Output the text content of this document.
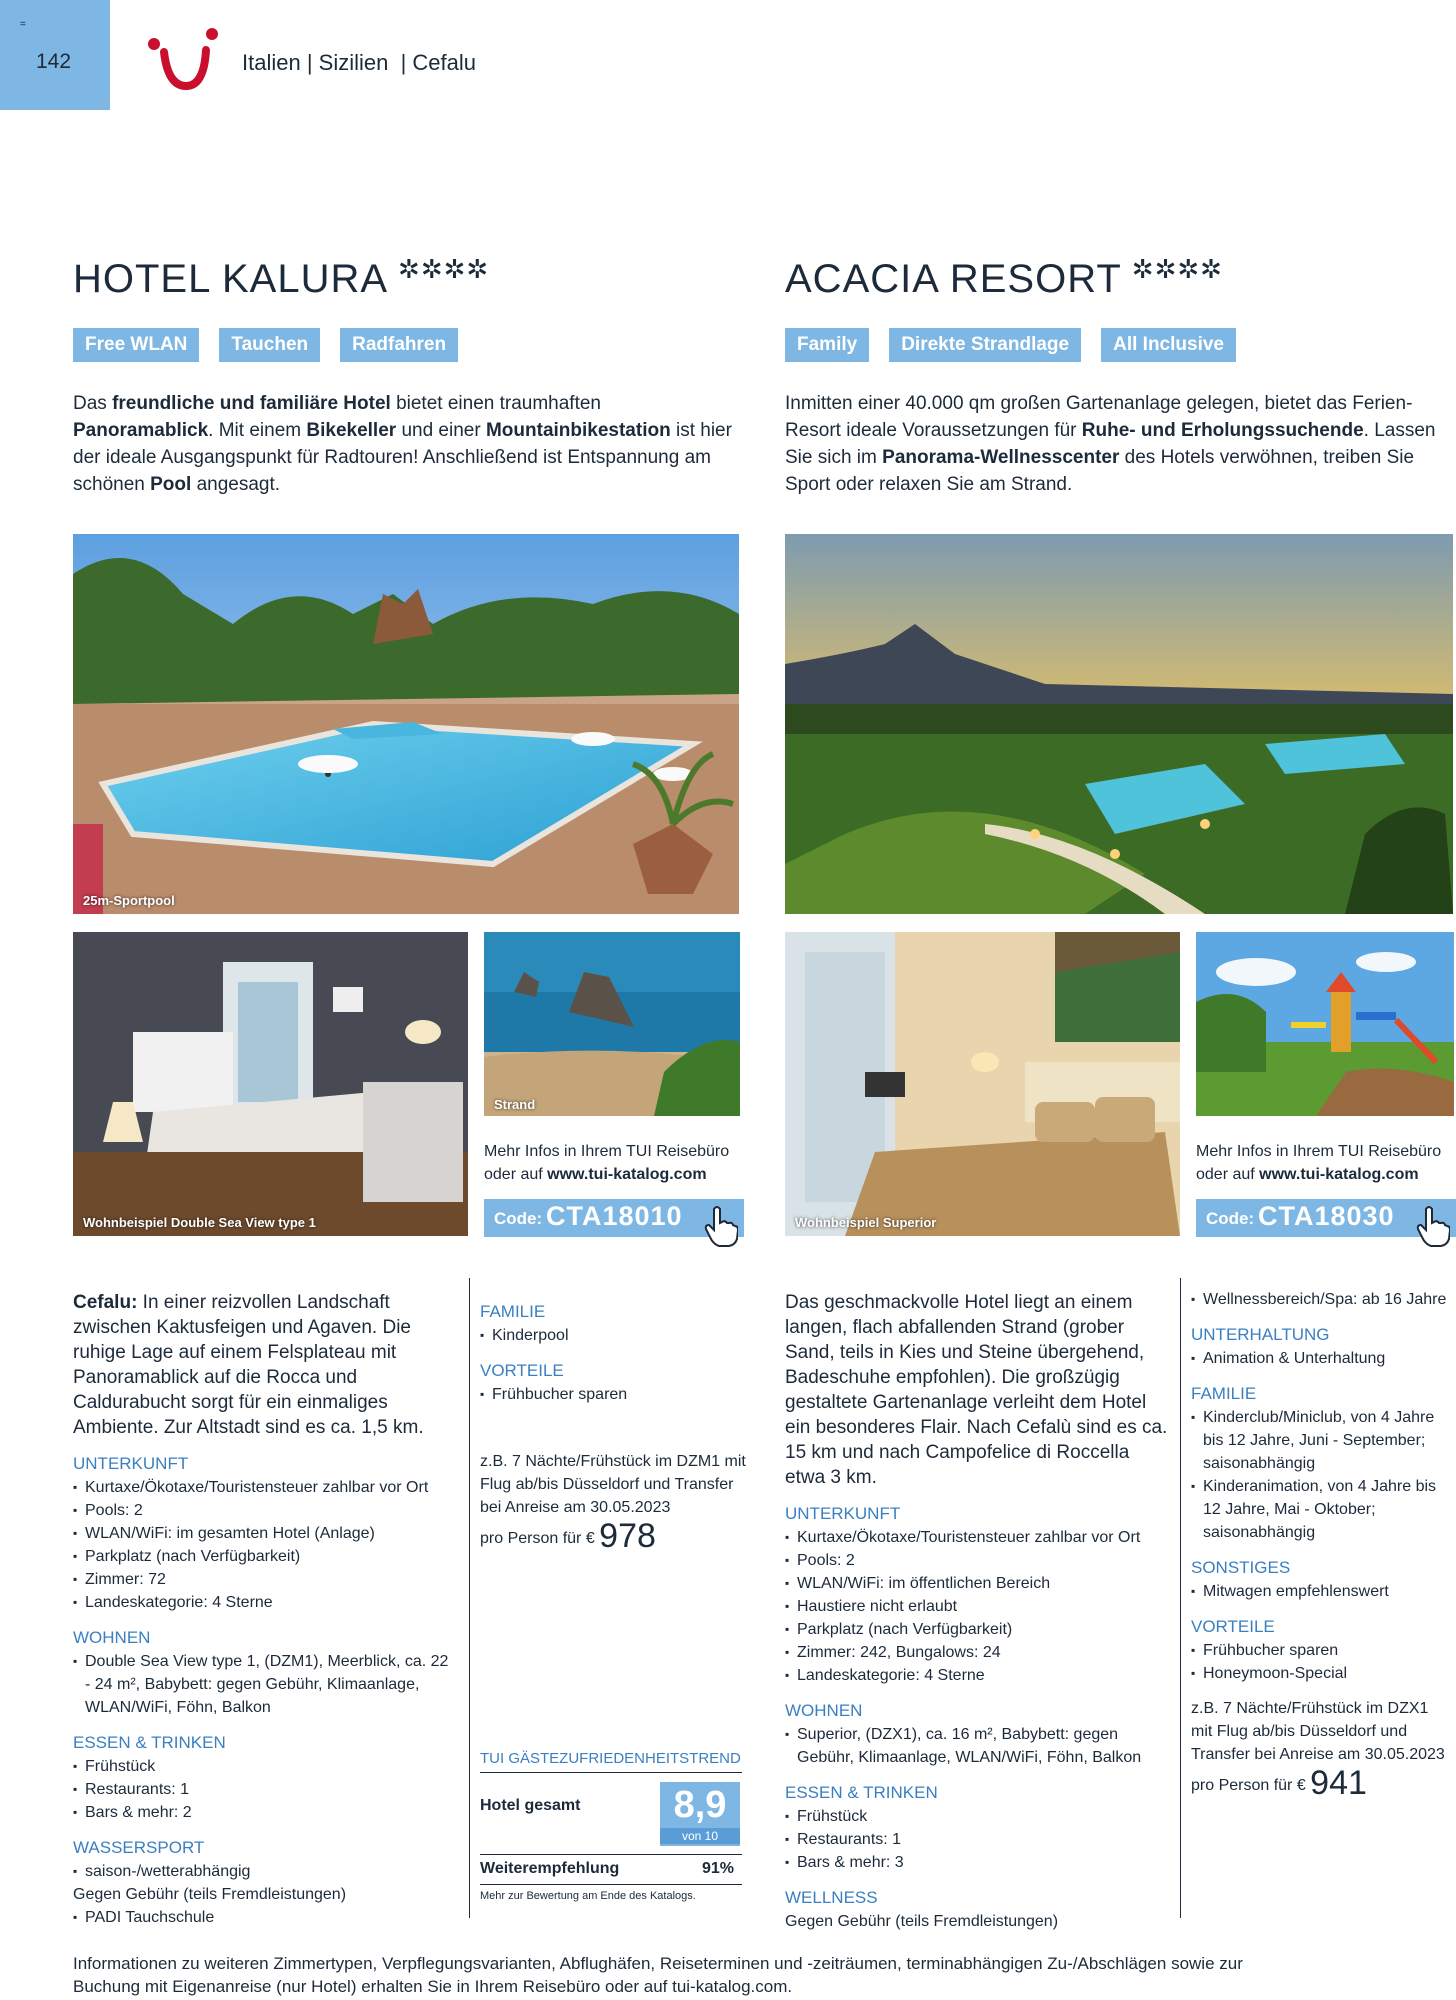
=
142	Italien | Sizilien  | Cefalu
HOTEL KALURA ✲✲✲✲
Free WLAN	Tauchen	Radfahren
Das freundliche und familiäre Hotel bietet einen traumhaften Panoramablick. Mit einem Bikekeller und einer Mountainbikestation ist hier der ideale Ausgangspunkt für Radtouren! Anschließend ist Entspannung am schönen Pool angesagt.
25m-Sportpool
Wohnbeispiel Double Sea View type 1
Strand
Mehr Infos in Ihrem TUI Reisebüro
oder auf www.tui-katalog.com
Code: CTA18010
Cefalu: In einer reizvollen Landschaft zwischen Kaktusfeigen und Agaven. Die ruhige Lage auf einem Felsplateau mit Panoramablick auf die Rocca und Caldurabucht sorgt für ein einmaliges Ambiente. Zur Altstadt sind es ca. 1,5 km.
UNTERKUNFT
▪ Kurtaxe/Ökotaxe/Touristensteuer zahlbar vor Ort
▪ Pools: 2
▪ WLAN/WiFi: im gesamten Hotel (Anlage)
▪ Parkplatz (nach Verfügbarkeit)
▪ Zimmer: 72
▪ Landeskategorie: 4 Sterne
WOHNEN
▪ Double Sea View type 1, (DZM1), Meerblick, ca. 22 - 24 m², Babybett: gegen Gebühr, Klimaanlage, WLAN/WiFi, Föhn, Balkon
ESSEN & TRINKEN
▪ Frühstück
▪ Restaurants: 1
▪ Bars & mehr: 2
WASSERSPORT
▪ saison-/wetterabhängig
Gegen Gebühr (teils Fremdleistungen)
▪ PADI Tauchschule
FAMILIE
▪ Kinderpool
VORTEILE
▪ Frühbucher sparen
z.B. 7 Nächte/Frühstück im DZM1 mit Flug ab/bis Düsseldorf und Transfer bei Anreise am 30.05.2023
pro Person für € 978
TUI GÄSTEZUFRIEDENHEITSTREND
Hotel gesamt	8,9
von 10
Weiterempfehlung	91%
Mehr zur Bewertung am Ende des Katalogs.
ACACIA RESORT ✲✲✲✲
Family	Direkte Strandlage	All Inclusive
Inmitten einer 40.000 qm großen Gartenanlage gelegen, bietet das Ferien-Resort ideale Voraussetzungen für Ruhe- und Erholungssuchende. Lassen Sie sich im Panorama-Wellnesscenter des Hotels verwöhnen, treiben Sie Sport oder relaxen Sie am Strand.
Wohnbeispiel Superior
Mehr Infos in Ihrem TUI Reisebüro
oder auf www.tui-katalog.com
Code: CTA18030
Das geschmackvolle Hotel liegt an einem langen, flach abfallenden Strand (grober Sand, teils in Kies und Steine übergehend, Badeschuhe empfohlen). Die großzügig gestaltete Gartenanlage verleiht dem Hotel ein besonderes Flair. Nach Cefalù sind es ca. 15 km und nach Campofelice di Roccella etwa 3 km.
UNTERKUNFT
▪ Kurtaxe/Ökotaxe/Touristensteuer zahlbar vor Ort
▪ Pools: 2
▪ WLAN/WiFi: im öffentlichen Bereich
▪ Haustiere nicht erlaubt
▪ Parkplatz (nach Verfügbarkeit)
▪ Zimmer: 242, Bungalows: 24
▪ Landeskategorie: 4 Sterne
WOHNEN
▪ Superior, (DZX1), ca. 16 m², Babybett: gegen Gebühr, Klimaanlage, WLAN/WiFi, Föhn, Balkon
ESSEN & TRINKEN
▪ Frühstück
▪ Restaurants: 1
▪ Bars & mehr: 3
WELLNESS
Gegen Gebühr (teils Fremdleistungen)
▪ Wellnessbereich/Spa: ab 16 Jahre
UNTERHALTUNG
▪ Animation & Unterhaltung
FAMILIE
▪ Kinderclub/Miniclub, von 4 Jahre bis 12 Jahre, Juni - September; saisonabhängig
▪ Kinderanimation, von 4 Jahre bis 12 Jahre, Mai - Oktober; saisonabhängig
SONSTIGES
▪ Mitwagen empfehlenswert
VORTEILE
▪ Frühbucher sparen
▪ Honeymoon-Special
z.B. 7 Nächte/Frühstück im DZX1 mit Flug ab/bis Düsseldorf und Transfer bei Anreise am 30.05.2023
pro Person für € 941
Informationen zu weiteren Zimmertypen, Verpflegungsvarianten, Abflughäfen, Reiseterminen und -zeiträumen, terminabhängigen Zu-/Abschlägen sowie zur Buchung mit Eigenanreise (nur Hotel) erhalten Sie in Ihrem Reisebüro oder auf tui-katalog.com.
